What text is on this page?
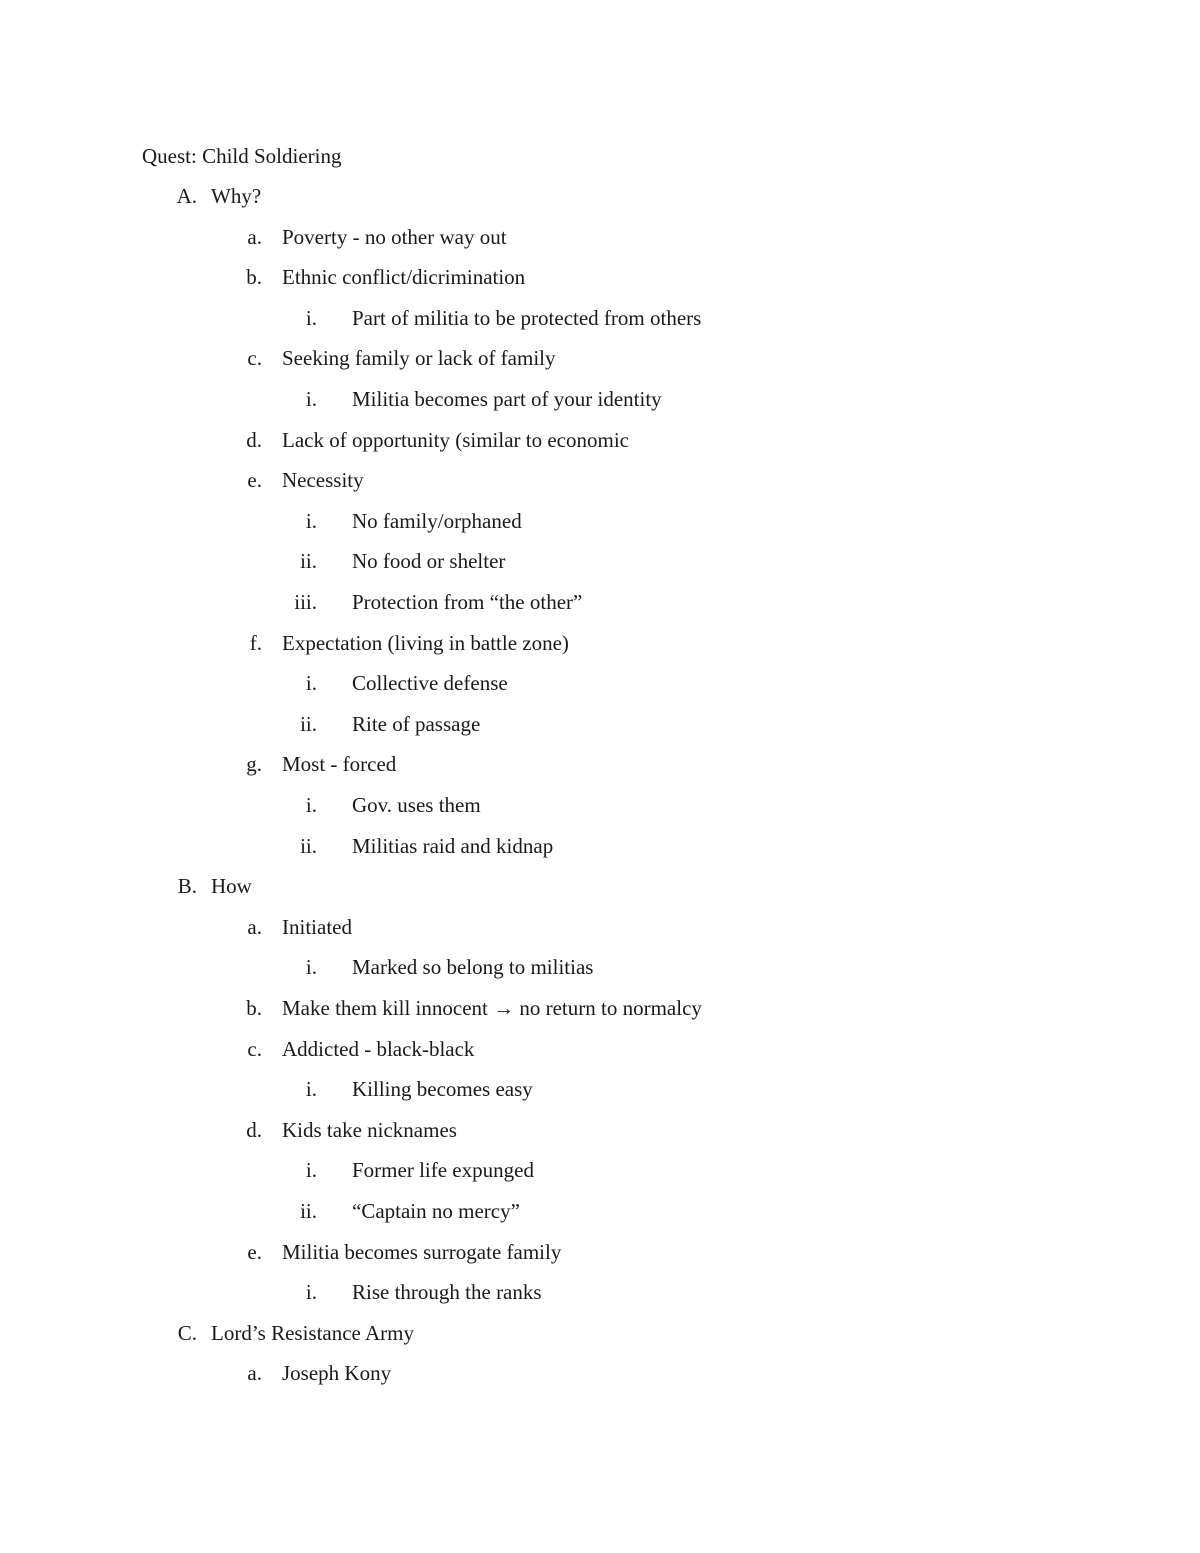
Quest: Child Soldiering
A. Why?
a. Poverty - no other way out
b. Ethnic conflict/dicrimination
i. Part of militia to be protected from others
c. Seeking family or lack of family
i. Militia becomes part of your identity
d. Lack of opportunity (similar to economic
e. Necessity
i. No family/orphaned
ii. No food or shelter
iii. Protection from “the other”
f. Expectation (living in battle zone)
i. Collective defense
ii. Rite of passage
g. Most - forced
i. Gov. uses them
ii. Militias raid and kidnap
B. How
a. Initiated
i. Marked so belong to militias
b. Make them kill innocent → no return to normalcy
c. Addicted - black-black
i. Killing becomes easy
d. Kids take nicknames
i. Former life expunged
ii. “Captain no mercy”
e. Militia becomes surrogate family
i. Rise through the ranks
C. Lord’s Resistance Army
a. Joseph Kony
